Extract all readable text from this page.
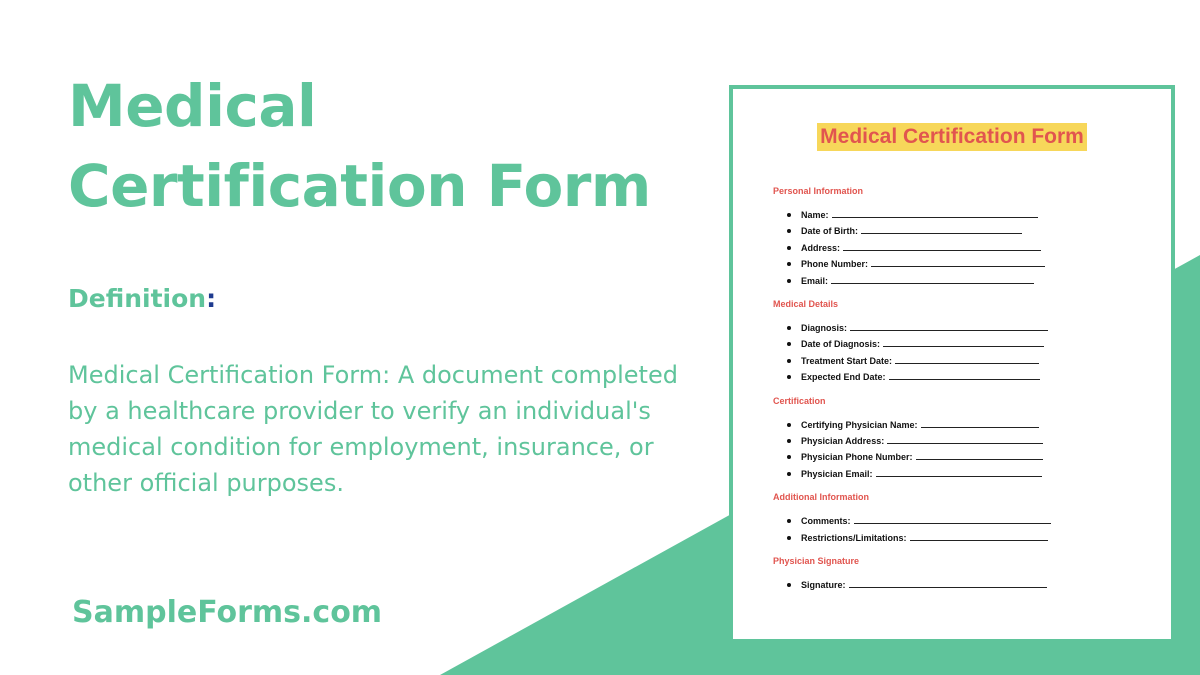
Medical
Certification Form
Definition:

Medical Certification Form: A document completed by a healthcare provider to verify an individual's medical condition for employment, insurance, or other official purposes.

SampleForms.com
Medical Certification Form

Personal Information

Name:
Date of Birth:
Address:
Phone Number:
Email:

Medical Details

Diagnosis:
Date of Diagnosis:
Treatment Start Date:
Expected End Date:

Certification

Certifying Physician Name:
Physician Address:
Physician Phone Number:
Physician Email:

Additional Information

Comments:
Restrictions/Limitations:

Physician Signature

Signature:
